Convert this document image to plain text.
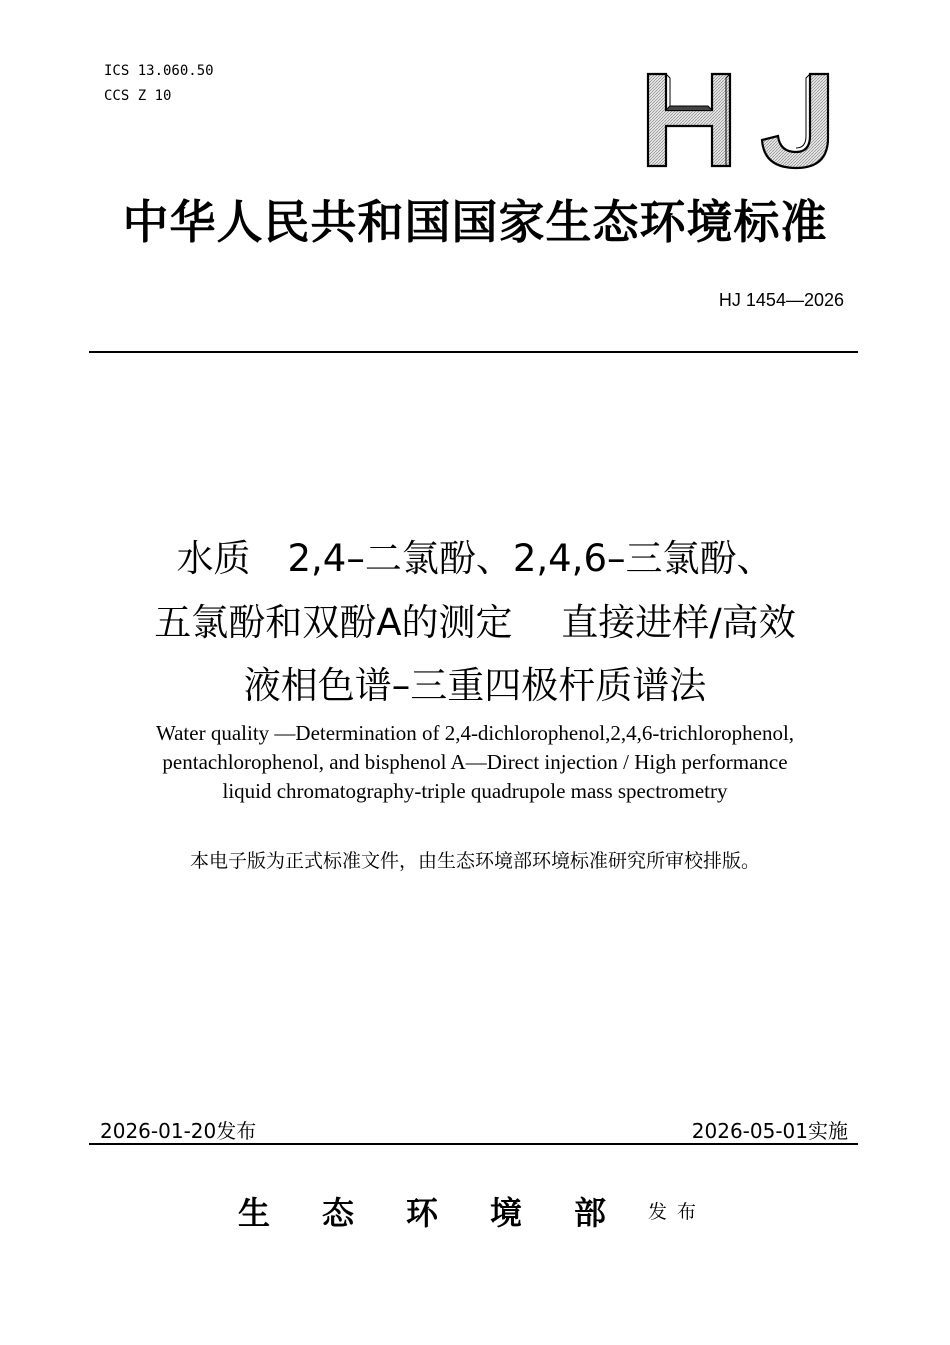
ICS 13.060.50
CCS Z 10
中华人民共和国国家生态环境标准
HJ 1454—2026
水质　2,4–二氯酚、2,4,6–三氯酚、
五氯酚和双酚A的测定　 直接进样/高效
液相色谱–三重四极杆质谱法
Water quality —Determination of 2,4-dichlorophenol,2,4,6-trichlorophenol,
pentachlorophenol, and bisphenol A—Direct injection / High performance
liquid chromatography-triple quadrupole mass spectrometry
本电子版为正式标准文件，由生态环境部环境标准研究所审校排版。
2026-01-20发布	2026-05-01实施
生态环境部
发布
